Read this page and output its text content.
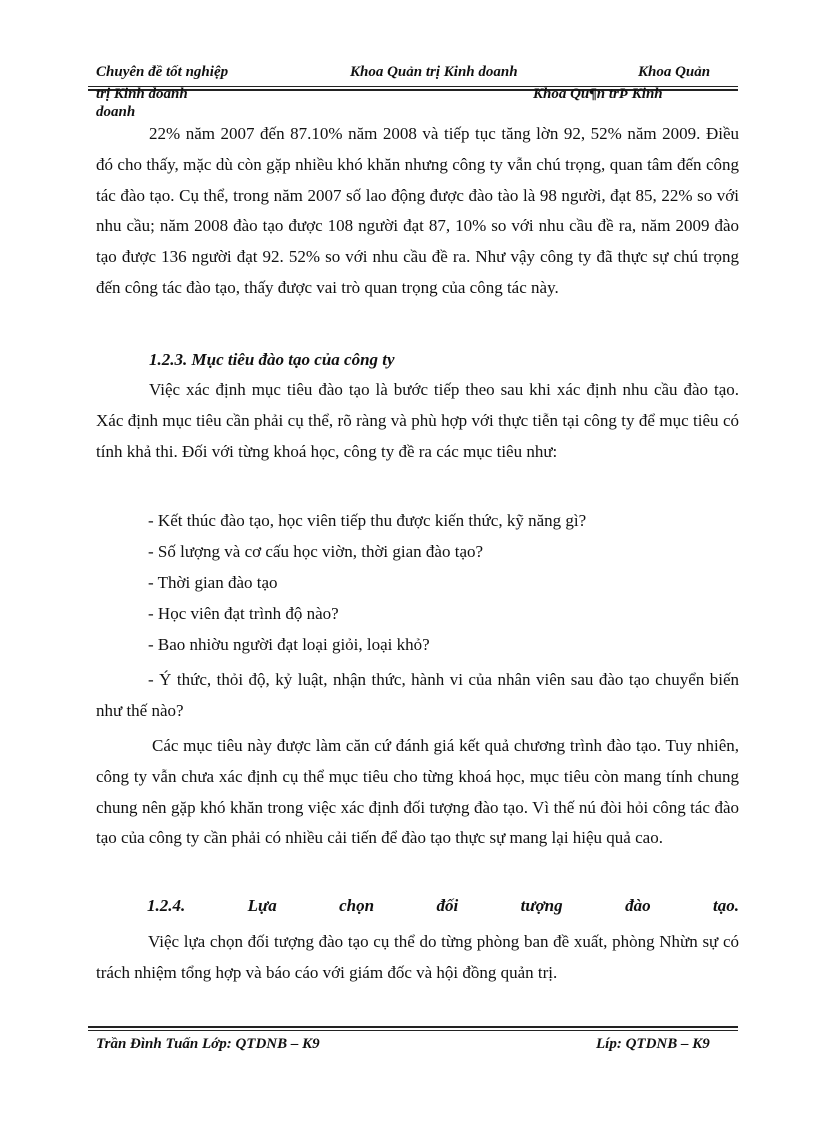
Chuyên đề tốt nghiệp	Khoa Quản trị Kinh doanh	Khoa Quản
trị Kinh doanh	Khoa Qu¶n trÞ Kinh
doanh

22% năm 2007 đến 87.10% năm 2008 và tiếp tục tăng lờn 92, 52% năm 2009. Điều đó cho thấy, mặc dù còn gặp nhiều khó khăn nhưng công ty vẫn chú trọng, quan tâm đến công tác đào tạo. Cụ thể, trong năm 2007 số lao động được đào tào là 98 người, đạt 85, 22% so với nhu cầu; năm 2008 đào tạo được 108 người đạt 87, 10% so với nhu cầu đề ra, năm 2009 đào tạo được 136 người đạt 92. 52% so với nhu cầu đề ra. Như vậy công ty đã thực sự chú trọng đến công tác đào tạo, thấy được vai trò quan trọng của công tác này.

1.2.3. Mục tiêu đào tạo của công ty

Việc xác định mục tiêu đào tạo là bước tiếp theo sau khi xác định nhu cầu đào tạo. Xác định mục tiêu cần phải cụ thể, rõ ràng và phù hợp với thực tiễn tại công ty để mục tiêu có tính khả thi. Đối với từng khoá học, công ty đề ra các mục tiêu như:

- Kết thúc đào tạo, học viên tiếp thu được kiến thức, kỹ năng gì?
- Số lượng và cơ cấu học viờn, thời gian đào tạo?
- Thời gian đào tạo
- Học viên đạt trình độ nào?
- Bao nhiờu người đạt loại giỏi, loại khỏ?

- Ý thức, thỏi độ, kỷ luật, nhận thức, hành vi của nhân viên sau đào tạo chuyển biến như thế nào?

Các mục tiêu này được làm căn cứ đánh giá kết quả chương trình đào tạo. Tuy nhiên, công ty vẫn chưa xác định cụ thể mục tiêu cho từng khoá học, mục tiêu còn mang tính chung chung nên gặp khó khăn trong việc xác định đối tượng đào tạo. Vì thế nú đòi hỏi công tác đào tạo của công ty cần phải có nhiều cải tiến để đào tạo thực sự mang lại hiệu quả cao.

1.2.4.	Lựa	chọn	đối	tượng	đào	tạo.

Việc lựa chọn đối tượng đào tạo cụ thể do từng phòng ban đề xuất, phòng Nhừn sự có trách nhiệm tổng hợp và báo cáo với giám đốc và hội đồng quản trị.

Trần Đình Tuấn Lớp: QTDNB – K9	Líp: QTDNB – K9
